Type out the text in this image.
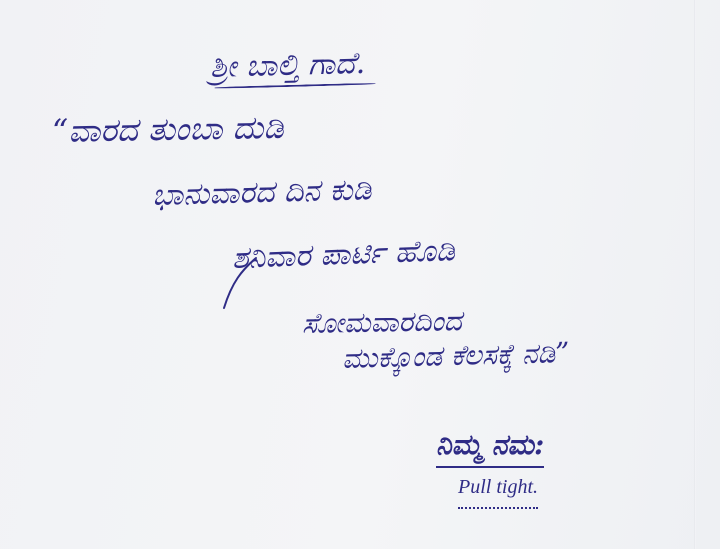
ಶ್ರೀ ಬಾಲ್ತಿ ಗಾದೆ.
“ವಾರದ ತುಂಬಾ ದುಡಿ
ಭಾನುವಾರದ ದಿನ ಕುಡಿ
ಶನಿವಾರ ಪಾರ್ಟಿ ಹೊಡಿ
ಸೋಮವಾರದಿಂದ
ಮುಕ್ಕೊಂಡ ಕೆಲಸಕ್ಕೆ ನಡಿ”
ನಿಮ್ಮ ನಮ:
Pull tight.
